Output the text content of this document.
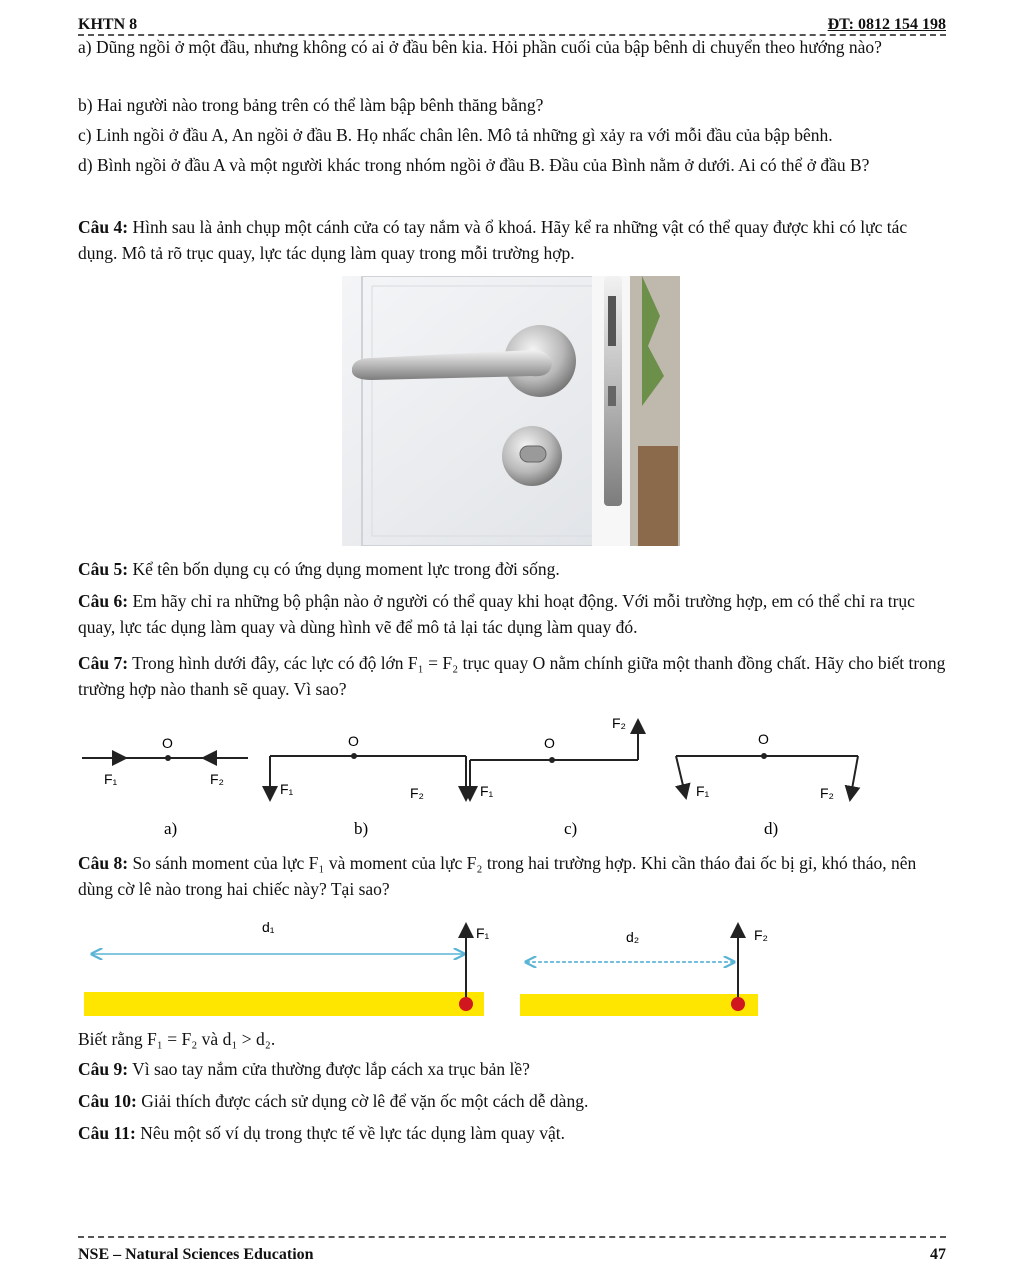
KHTN 8	ĐT: 0812 154 198

a) Dũng ngồi ở một đầu, nhưng không có ai ở đầu bên kia. Hỏi phần cuối của bập bênh di chuyển theo hướng nào?

b) Hai người nào trong bảng trên có thể làm bập bênh thăng bằng?

c) Linh ngồi ở đầu A, An ngồi ở đầu B. Họ nhấc chân lên. Mô tả những gì xảy ra với mỗi đầu của bập bênh.

d) Bình ngồi ở đầu A và một người khác trong nhóm ngồi ở đầu B. Đầu của Bình nằm ở dưới. Ai có thể ở đầu B?

Câu 4: Hình sau là ảnh chụp một cánh cửa có tay nắm và ổ khoá. Hãy kể ra những vật có thể quay được khi có lực tác dụng. Mô tả rõ trục quay, lực tác dụng làm quay trong mỗi trường hợp.

Câu 5: Kể tên bốn dụng cụ có ứng dụng moment lực trong đời sống.

Câu 6: Em hãy chỉ ra những bộ phận nào ở người có thể quay khi hoạt động. Với mỗi trường hợp, em có thể chỉ ra trục quay, lực tác dụng làm quay và dùng hình vẽ để mô tả lại tác dụng làm quay đó.

Câu 7: Trong hình dưới đây, các lực có độ lớn F₁ = F₂ trục quay O nằm chính giữa một thanh đồng chất. Hãy cho biết trong trường hợp nào thanh sẽ quay. Vì sao?

O
F₁	F₂
a)
O
F₁	F₂
b)
O
F₁
F₂
c)
O
F₁	F₂
d)

Câu 8: So sánh moment của lực F₁ và moment của lực F₂ trong hai trường hợp. Khi cần tháo đai ốc bị gỉ, khó tháo, nên dùng cờ lê nào trong hai chiếc này? Tại sao?

d₁	F₁	d₂	F₂

Biết rằng F₁ = F₂ và d₁ > d₂.

Câu 9: Vì sao tay nắm cửa thường được lắp cách xa trục bản lề?

Câu 10: Giải thích được cách sử dụng cờ lê để vặn ốc một cách dễ dàng.

Câu 11: Nêu một số ví dụ trong thực tế về lực tác dụng làm quay vật.

NSE – Natural Sciences Education	47
